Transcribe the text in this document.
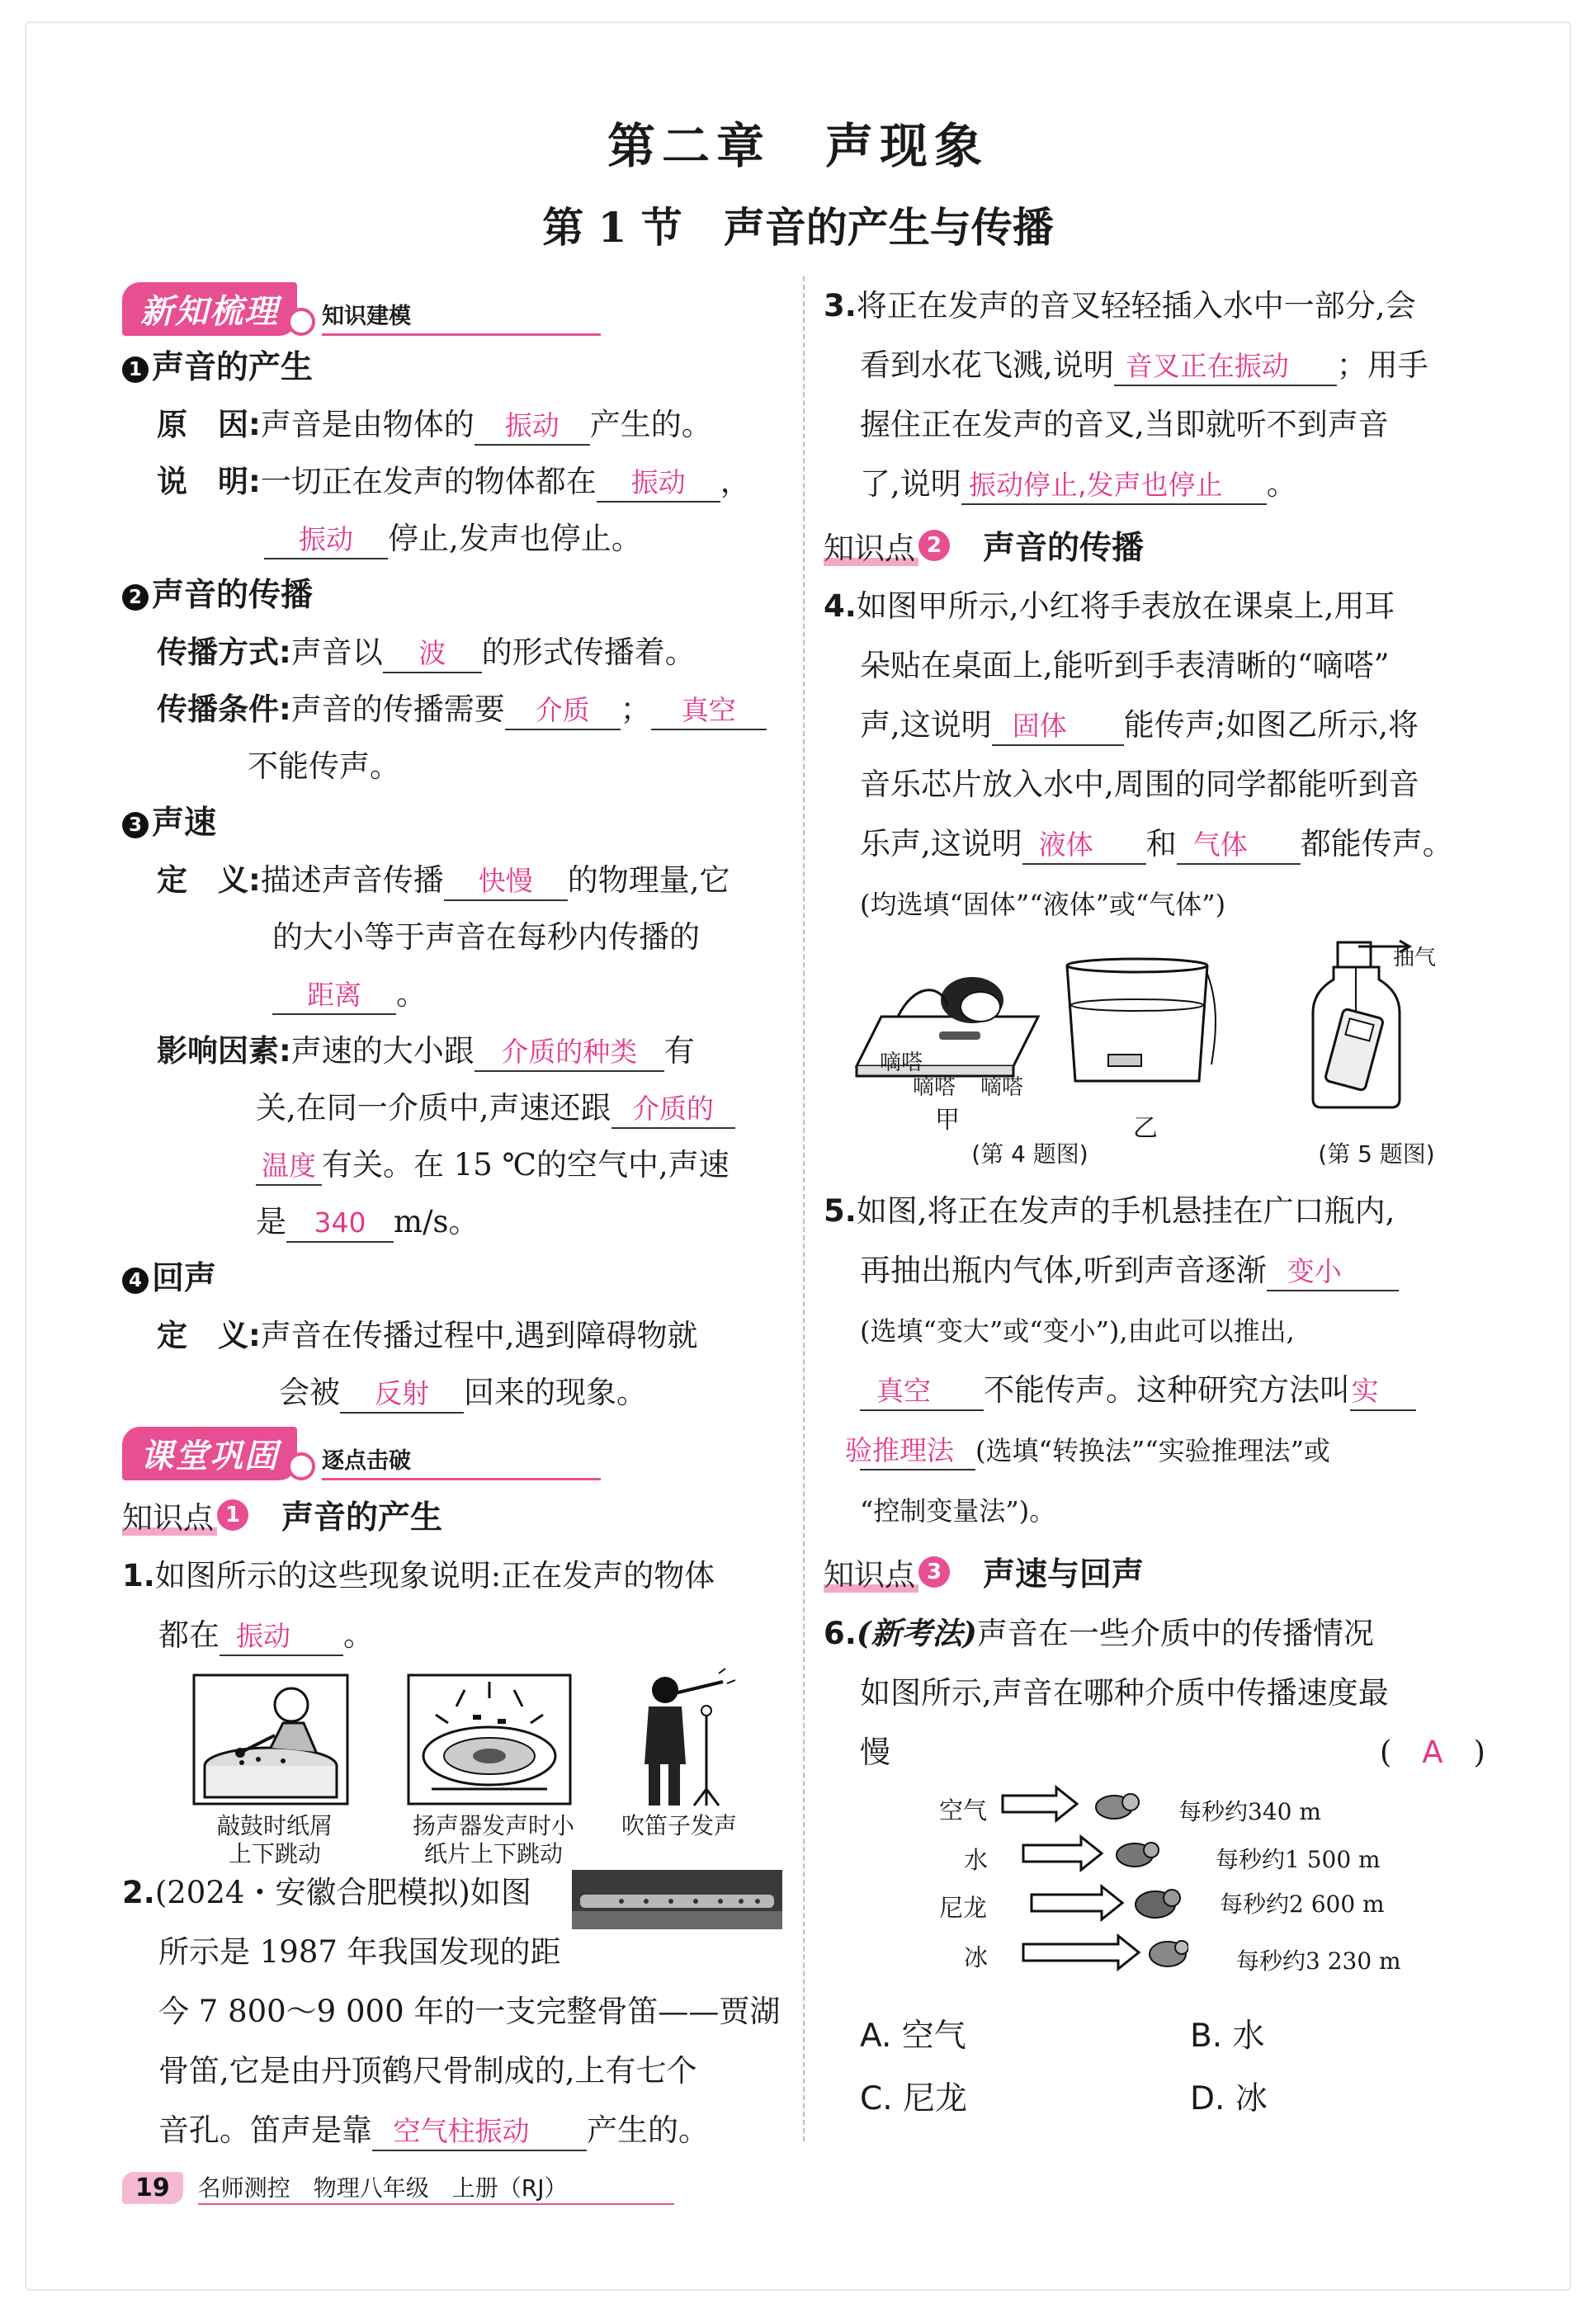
第二章　声现象
第 1 节　声音的产生与传播
新知梳理	知识建模
1 声音的产生
原　因:声音是由物体的 振动 产生的。
说　明:一切正在发声的物体都在 振动 ，
振动 停止,发声也停止。
2 声音的传播
传播方式:声音以 波 的形式传播着。
传播条件:声音的传播需要 介质 ； 真空
不能传声。
3 声速
定　义:描述声音传播 快慢 的物理量,它
的大小等于声音在每秒内传播的
距离 。
影响因素:声速的大小跟 介质的种类 有
关,在同一介质中,声速还跟 介质的
温度 有关。在 15 ℃的空气中,声速
是 340 m/s。
4 回声
定　义:声音在传播过程中,遇到障碍物就
会被 反射 回来的现象。
课堂巩固	逐点击破
知识点 1 声音的产生
1.如图所示的这些现象说明:正在发声的物体
都在 振动 。
敲鼓时纸屑
上下跳动
扬声器发声时小
纸片上下跳动
吹笛子发声
2.(2024・安徽合肥模拟)如图
所示是 1987 年我国发现的距
今 7 800～9 000 年的一支完整骨笛——贾湖
骨笛,它是由丹顶鹤尺骨制成的,上有七个
音孔。笛声是靠 空气柱振动 产生的。
3.将正在发声的音叉轻轻插入水中一部分,会
看到水花飞溅,说明 音叉正在振动 ；用手
握住正在发声的音叉,当即就听不到声音
了,说明 振动停止,发声也停止 。
知识点 2 声音的传播
4.如图甲所示,小红将手表放在课桌上,用耳
朵贴在桌面上,能听到手表清晰的“嘀嗒”
声,这说明 固体 能传声;如图乙所示,将
音乐芯片放入水中,周围的同学都能听到音
乐声,这说明 液体 和 气体 都能传声。
(均选填“固体”“液体”或“气体”)
嘀嗒
嘀嗒 嘀嗒
甲	乙
(第 4 题图)
抽气
(第 5 题图)
5.如图,将正在发声的手机悬挂在广口瓶内,
再抽出瓶内气体,听到声音逐渐 变小
(选填“变大”或“变小”),由此可以推出,
真空 不能传声。这种研究方法叫实
验推理法 (选填“转换法”“实验推理法”或
“控制变量法”)。
知识点 3 声速与回声
6.(新考法)声音在一些介质中的传播情况
如图所示,声音在哪种介质中传播速度最
慢	(　A　)
空气
水
尼龙
冰
每秒约340 m
每秒约1 500 m
每秒约2 600 m
每秒约3 230 m
A. 空气	B. 水
C. 尼龙	D. 冰
19	名师测控　物理八年级　上册（RJ）
